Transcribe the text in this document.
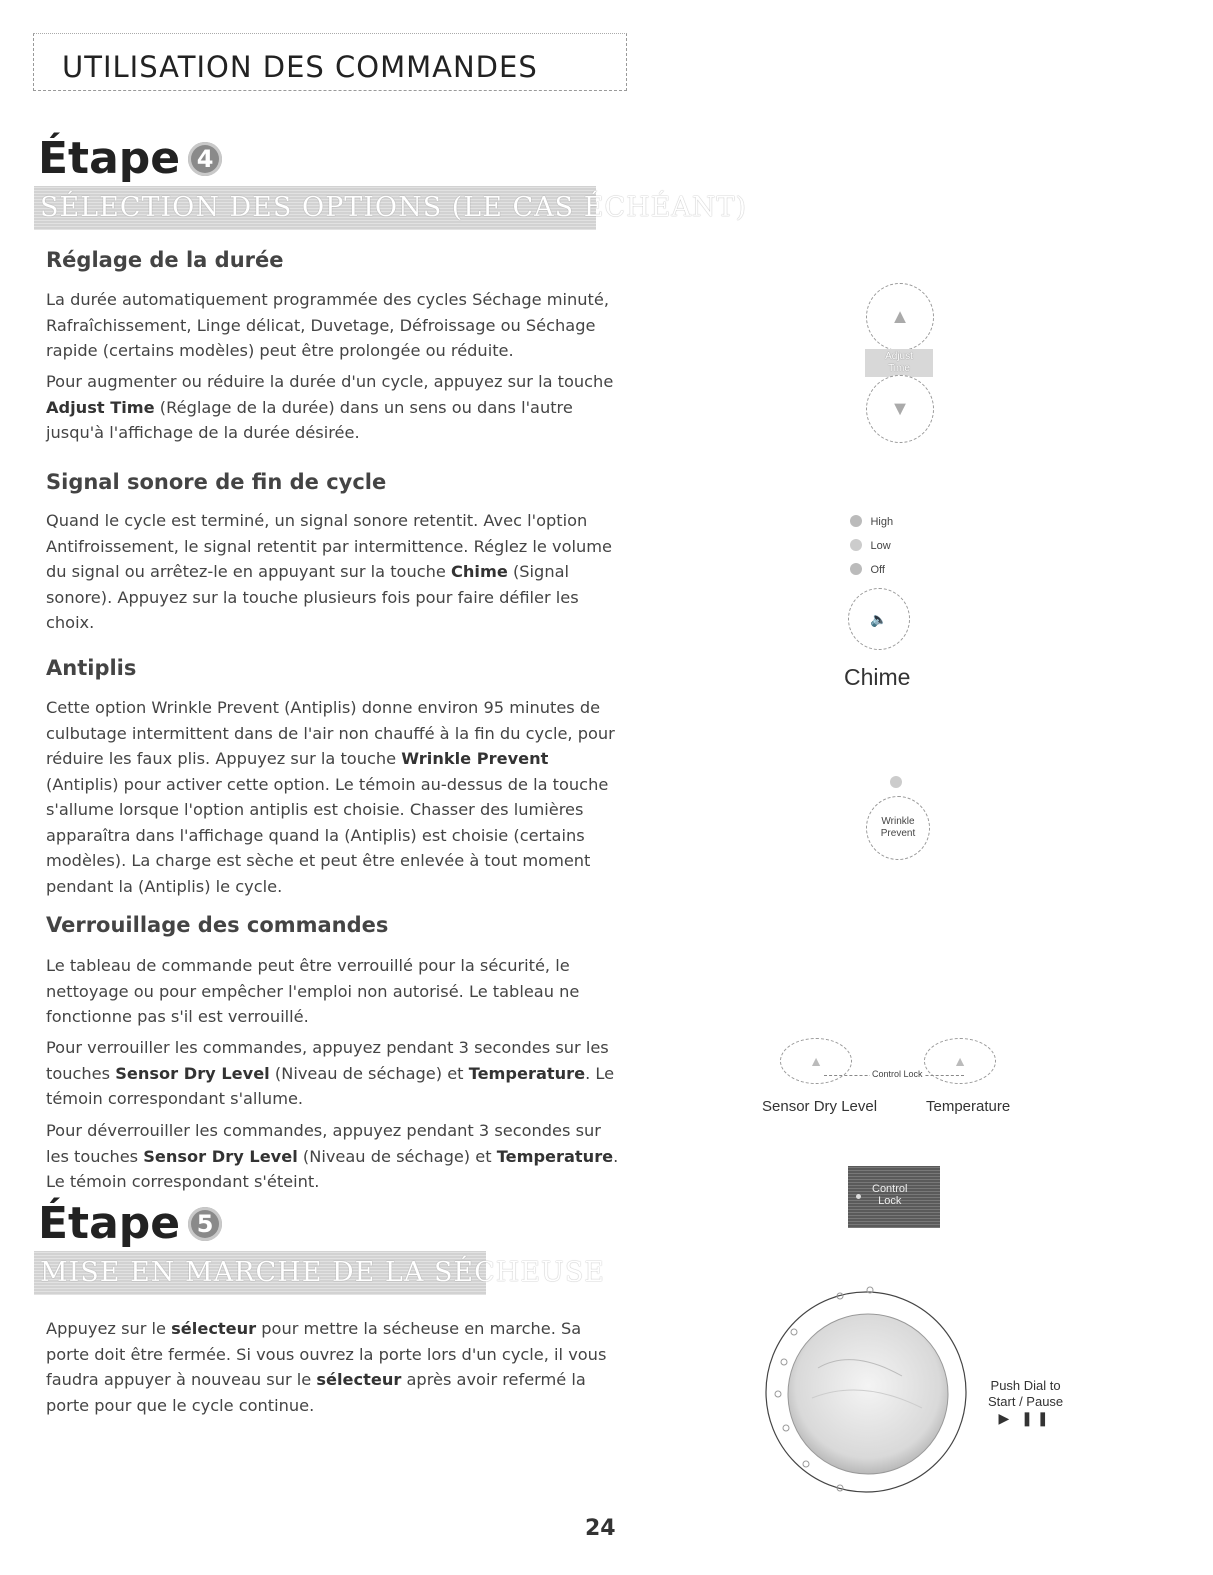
UTILISATION DES COMMANDES
Étape 4
SÉLECTION DES OPTIONS (LE CAS ÉCHÉANT)
Réglage de la durée

La durée automatiquement programmée des cycles Séchage minuté, Rafraîchissement, Linge délicat, Duvetage, Défroissage ou Séchage rapide (certains modèles) peut être prolongée ou réduite.

Pour augmenter ou réduire la durée d'un cycle, appuyez sur la touche Adjust Time (Réglage de la durée) dans un sens ou dans l'autre jusqu'à l'affichage de la durée désirée.

Signal sonore de fin de cycle

Quand le cycle est terminé, un signal sonore retentit. Avec l'option Antifroissement, le signal retentit par intermittence. Réglez le volume du signal ou arrêtez-le en appuyant sur la touche Chime (Signal sonore). Appuyez sur la touche plusieurs fois pour faire défiler les choix.

Antiplis

Cette option Wrinkle Prevent (Antiplis) donne environ 95 minutes de culbutage intermittent dans de l'air non chauffé à la fin du cycle, pour réduire les faux plis. Appuyez sur la touche Wrinkle Prevent (Antiplis) pour activer cette option. Le témoin au-dessus de la touche s'allume lorsque l'option antiplis est choisie. Chasser des lumières apparaîtra dans l'affichage quand la (Antiplis) est choisie (certains modèles). La charge est sèche et peut être enlevée à tout moment pendant la (Antiplis) le cycle.

Verrouillage des commandes

Le tableau de commande peut être verrouillé pour la sécurité, le nettoyage ou pour empêcher l'emploi non autorisé. Le tableau ne fonctionne pas s'il est verrouillé.

Pour verrouiller les commandes, appuyez pendant 3 secondes sur les touches Sensor Dry Level (Niveau de séchage) et Temperature. Le témoin correspondant s'allume.

Pour déverrouiller les commandes, appuyez pendant 3 secondes sur les touches Sensor Dry Level (Niveau de séchage) et Temperature. Le témoin correspondant s'éteint.

Étape 5
MISE EN MARCHE DE LA SÉCHEUSE

Appuyez sur le sélecteur pour mettre la sécheuse en marche. Sa porte doit être fermée. Si vous ouvrez la porte lors d'un cycle, il vous faudra appuyer à nouveau sur le sélecteur après avoir refermé la porte pour que le cycle continue.

▲
Adjust
Time
▼
High
Low
Off
🔈
Chime
Wrinkle
Prevent
▲	▲
Control Lock
Sensor Dry Level	Temperature
Control
Lock
Push Dial to
Start / Pause
▶ ❚❚
24
